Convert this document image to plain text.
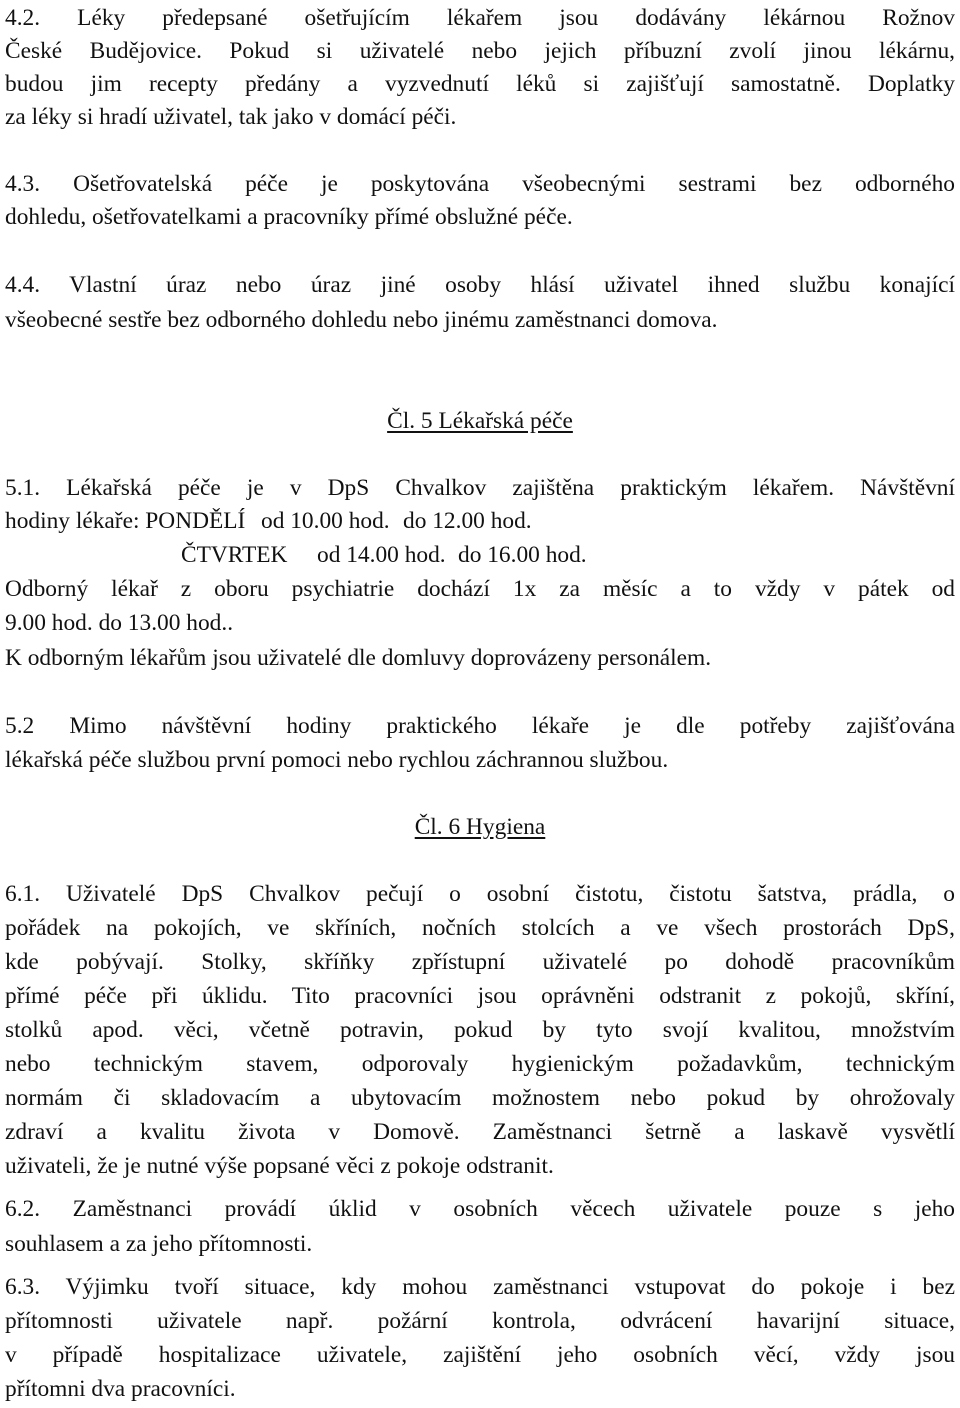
4.2. Léky předepsané ošetřujícím lékařem jsou dodávány lékárnou Rožnov
České Budějovice. Pokud si uživatelé nebo jejich příbuzní zvolí jinou lékárnu,
budou jim recepty předány a vyzvednutí léků si zajišťují samostatně. Doplatky
za léky si hradí uživatel, tak jako v domácí péči.
4.3. Ošetřovatelská péče je poskytována všeobecnými sestrami bez odborného
dohledu, ošetřovatelkami a pracovníky přímé obslužné péče.
4.4. Vlastní úraz nebo úraz jiné osoby hlásí uživatel ihned službu konající
všeobecné sestře bez odborného dohledu nebo jinému zaměstnanci domova.
Čl. 5 Lékařská péče
5.1. Lékařská péče je v DpS Chvalkov zajištěna praktickým lékařem. Návštěvní
hodiny lékaře: PONDĚLÍ od 10.00 hod. do 12.00 hod.
ČTVRTEK od 14.00 hod. do 16.00 hod.
Odborný lékař z oboru psychiatrie dochází 1x za měsíc a to vždy v pátek od
9.00 hod. do 13.00 hod..
K odborným lékařům jsou uživatelé dle domluvy doprovázeny personálem.
5.2 Mimo návštěvní hodiny praktického lékaře je dle potřeby zajišťována
lékařská péče službou první pomoci nebo rychlou záchrannou službou.
Čl. 6 Hygiena
6.1. Uživatelé DpS Chvalkov pečují o osobní čistotu, čistotu šatstva, prádla, o
pořádek na pokojích, ve skříních, nočních stolcích a ve všech prostorách DpS,
kde pobývají. Stolky, skříňky zpřístupní uživatelé po dohodě pracovníkům
přímé péče při úklidu. Tito pracovníci jsou oprávněni odstranit z pokojů, skříní,
stolků apod. věci, včetně potravin, pokud by tyto svojí kvalitou, množstvím
nebo technickým stavem, odporovaly hygienickým požadavkům, technickým
normám či skladovacím a ubytovacím možnostem nebo pokud by ohrožovaly
zdraví a kvalitu života v Domově. Zaměstnanci šetrně a laskavě vysvětlí
uživateli, že je nutné výše popsané věci z pokoje odstranit.
6.2. Zaměstnanci provádí úklid v osobních věcech uživatele pouze s jeho
souhlasem a za jeho přítomnosti.
6.3. Výjimku tvoří situace, kdy mohou zaměstnanci vstupovat do pokoje i bez
přítomnosti uživatele např. požární kontrola, odvrácení havarijní situace,
v případě hospitalizace uživatele, zajištění jeho osobních věcí, vždy jsou
přítomni dva pracovníci.
